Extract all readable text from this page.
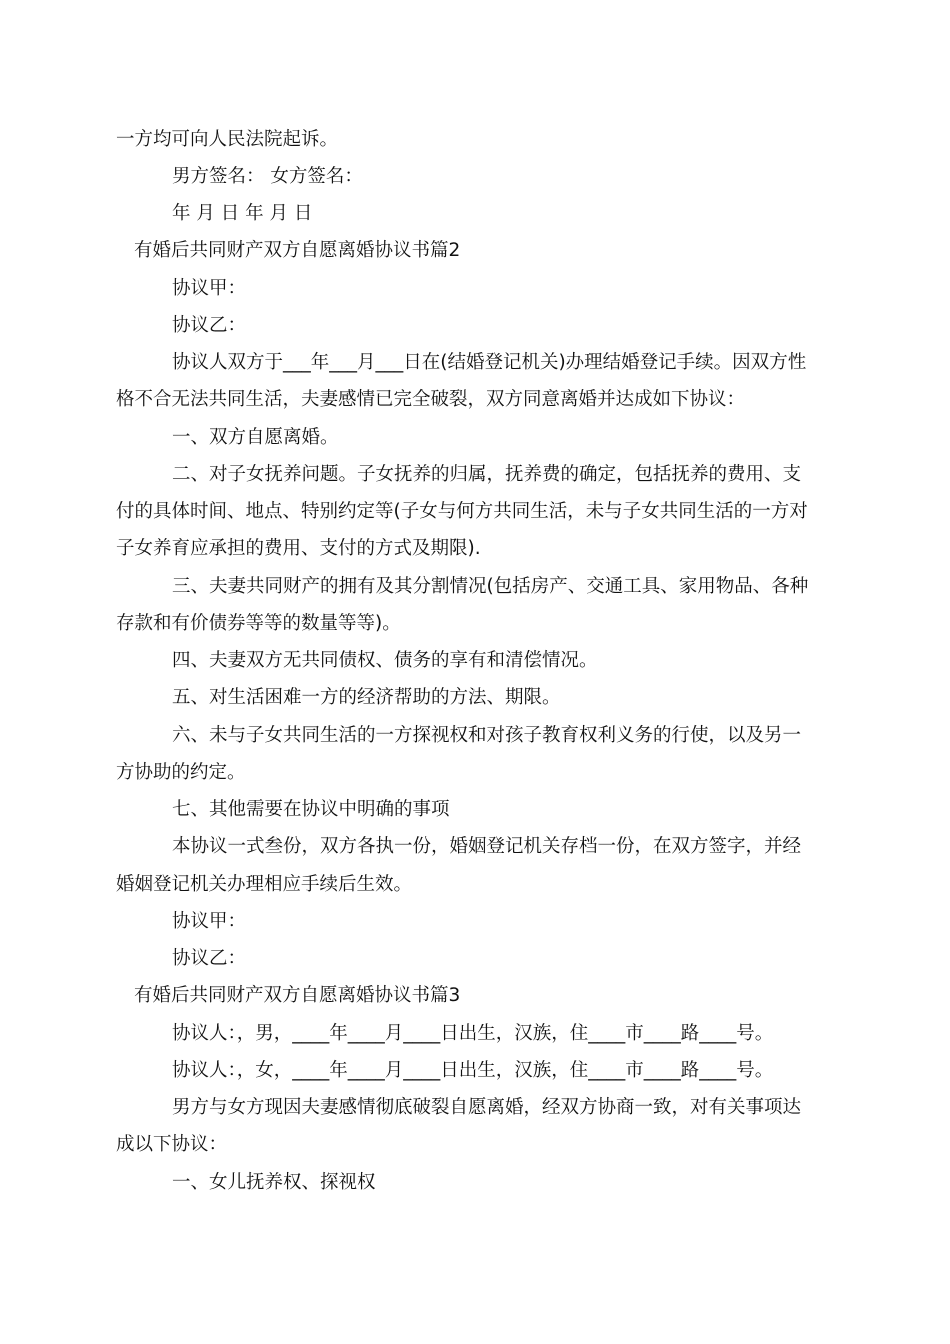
一方均可向人民法院起诉。
男方签名： 女方签名：
年 月 日 年 月 日
有婚后共同财产双方自愿离婚协议书篇2
协议甲：
协议乙：
协议人双方于___年___月___日在(结婚登记机关)办理结婚登记手续。因双方性
格不合无法共同生活，夫妻感情已完全破裂，双方同意离婚并达成如下协议：
一、双方自愿离婚。
二、对子女抚养问题。子女抚养的归属，抚养费的确定，包括抚养的费用、支
付的具体时间、地点、特别约定等(子女与何方共同生活，未与子女共同生活的一方对
子女养育应承担的费用、支付的方式及期限).
三、夫妻共同财产的拥有及其分割情况(包括房产、交通工具、家用物品、各种
存款和有价债券等等的数量等等)。
四、夫妻双方无共同债权、债务的享有和清偿情况。
五、对生活困难一方的经济帮助的方法、期限。
六、未与子女共同生活的一方探视权和对孩子教育权利义务的行使，以及另一
方协助的约定。
七、其他需要在协议中明确的事项
本协议一式叁份，双方各执一份，婚姻登记机关存档一份，在双方签字，并经
婚姻登记机关办理相应手续后生效。
协议甲：
协议乙：
有婚后共同财产双方自愿离婚协议书篇3
协议人：，男，____年____月____日出生，汉族，住____市____路____号。
协议人：，女，____年____月____日出生，汉族，住____市____路____号。
男方与女方现因夫妻感情彻底破裂自愿离婚，经双方协商一致，对有关事项达
成以下协议：
一、女儿抚养权、探视权
